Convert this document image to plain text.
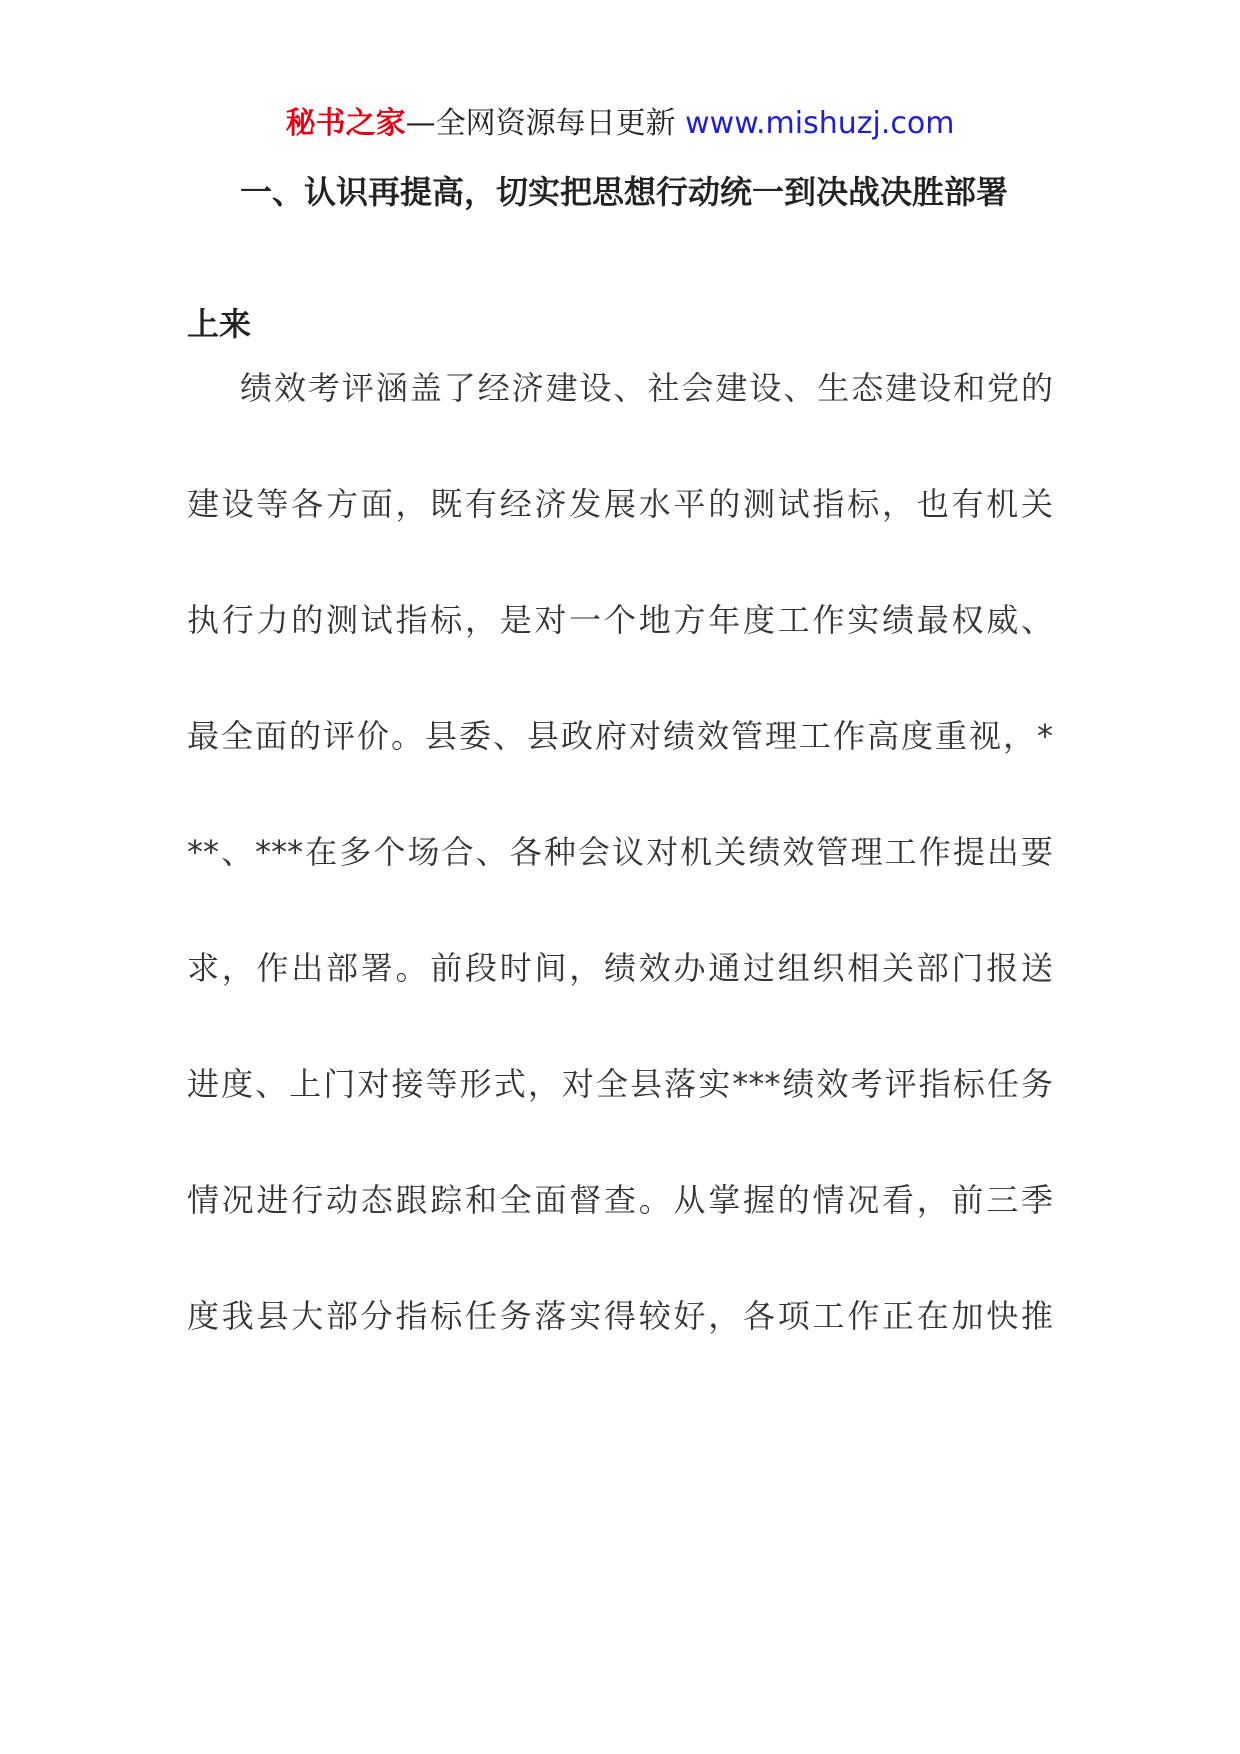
秘书之家—全网资源每日更新 www.mishuzj.com
一、认识再提高，切实把思想行动统一到决战决胜部署
上来
绩效考评涵盖了经济建设、社会建设、生态建设和党的
建设等各方面，既有经济发展水平的测试指标，也有机关
执行力的测试指标，是对一个地方年度工作实绩最权威、
最全面的评价。县委、县政府对绩效管理工作高度重视，*
**、***在多个场合、各种会议对机关绩效管理工作提出要
求，作出部署。前段时间，绩效办通过组织相关部门报送
进度、上门对接等形式，对全县落实***绩效考评指标任务
情况进行动态跟踪和全面督查。从掌握的情况看，前三季
度我县大部分指标任务落实得较好，各项工作正在加快推
